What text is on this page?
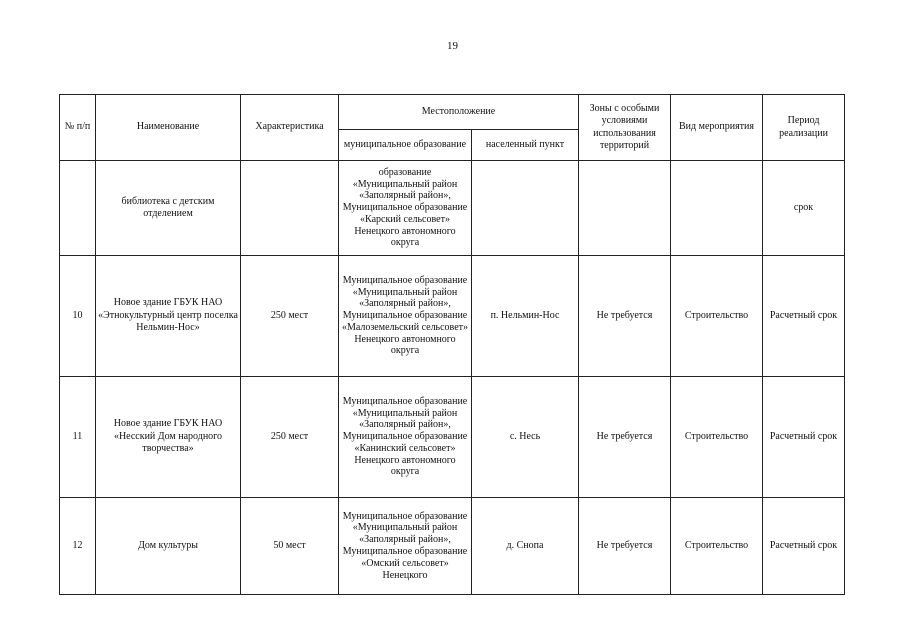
19
№ п/п	Наименование	Характеристика	Местоположение		Зоны с особыми условиями использования территорий	Вид мероприятия	Период реализации
			муниципальное образование	населенный пункт			
	библиотека с детским отделением		образование «Муниципальный район «Заполярный район», Муниципальное образование «Карский сельсовет» Ненецкого автономного округа				срок
10	Новое здание ГБУК НАО «Этнокультурный центр поселка Нельмин-Нос»	250 мест	Муниципальное образование «Муниципальный район «Заполярный район», Муниципальное образование «Малоземельский сельсовет» Ненецкого автономного округа	п. Нельмин-Нос	Не требуется	Строительство	Расчетный срок
11	Новое здание ГБУК НАО «Несский Дом народного творчества»	250 мест	Муниципальное образование «Муниципальный район «Заполярный район», Муниципальное образование «Канинский сельсовет» Ненецкого автономного округа	с. Несь	Не требуется	Строительство	Расчетный срок
12	Дом культуры	50 мест	Муниципальное образование «Муниципальный район «Заполярный район», Муниципальное образование «Омский сельсовет» Ненецкого	д. Снопа	Не требуется	Строительство	Расчетный срок
